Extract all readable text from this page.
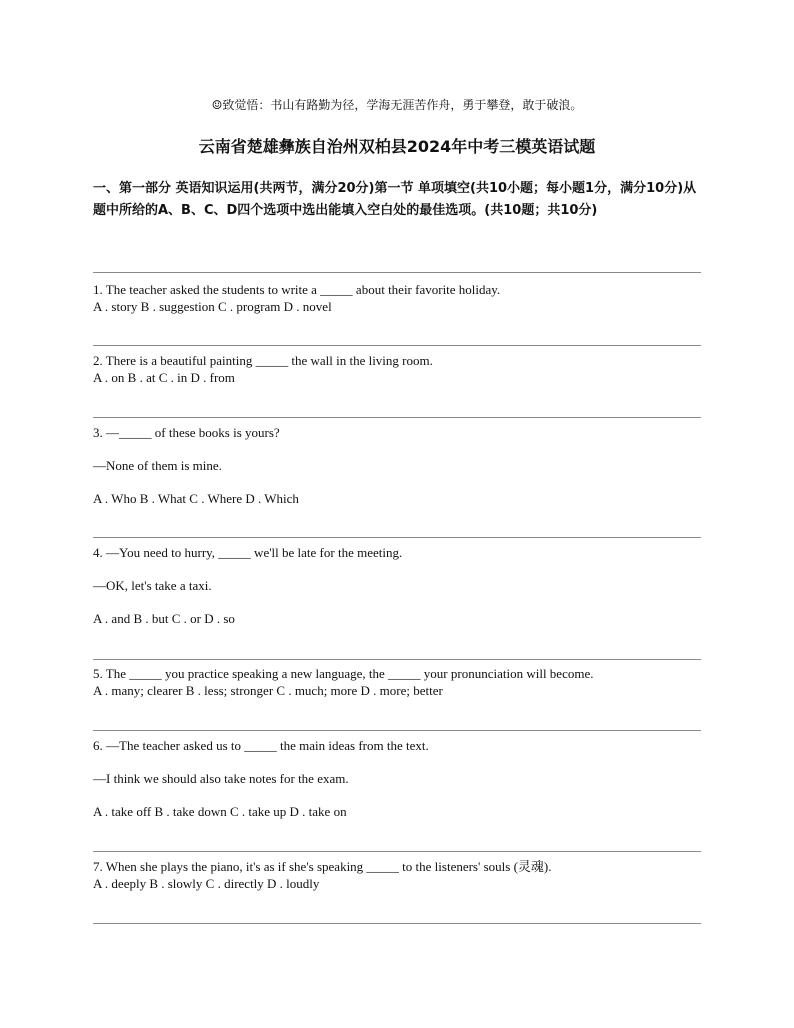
☺致觉悟：书山有路勤为径，学海无涯苦作舟，勇于攀登，敢于破浪。
云南省楚雄彝族自治州双柏县2024年中考三模英语试题
一、第一部分 英语知识运用(共两节，满分20分)第一节 单项填空(共10小题；每小题1分，满分10分)从题中所给的A、B、C、D四个选项中选出能填入空白处的最佳选项。(共10题；共10分)
1. The teacher asked the students to write a _____ about their favorite holiday.
A . story B . suggestion C . program D . novel
2. There is a beautiful painting _____ the wall in the living room.
A . on B . at C . in D . from
3. —_____ of these books is yours?
—None of them is mine.
A . Who B . What C . Where D . Which
4. —You need to hurry, _____ we'll be late for the meeting.
—OK, let's take a taxi.
A . and B . but C . or D . so
5. The _____ you practice speaking a new language, the _____ your pronunciation will become.
A . many; clearer B . less; stronger C . much; more D . more; better
6. —The teacher asked us to _____ the main ideas from the text.
—I think we should also take notes for the exam.
A . take off B . take down C . take up D . take on
7. When she plays the piano, it's as if she's speaking _____ to the listeners' souls (灵魂).
A . deeply B . slowly C . directly D . loudly
